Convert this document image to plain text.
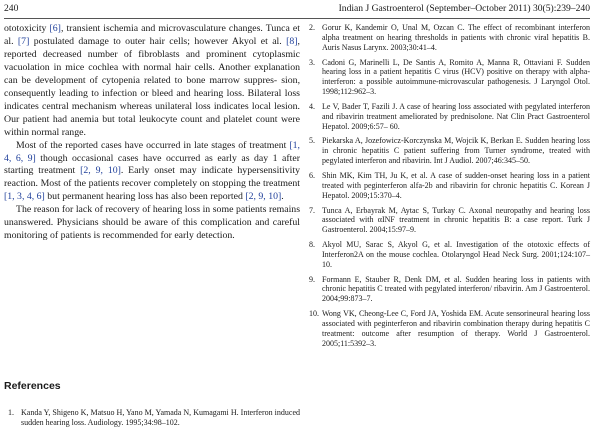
240	Indian J Gastroenterol (September–October 2011) 30(5):239–240

ototoxicity [6], transient ischemia and microvasculature changes. Tunca et al. [7] postulated damage to outer hair cells; however Akyol et al. [8], reported decreased number of fibroblasts and prominent cytoplasmic vacuolation in mice cochlea with normal hair cells. Another explanation can be development of cytopenia related to bone marrow suppres- sion, consequently leading to infection or bleed and hearing loss. Bilateral loss indicates central mechanism whereas unilateral loss indicates local lesion. Our patient had anemia but total leukocyte count and platelet count were within normal range.

Most of the reported cases have occurred in late stages of treatment [1, 4, 6, 9] though occasional cases have occurred as early as day 1 after starting treatment [2, 9, 10]. Early onset may indicate hypersensitivity reaction. Most of the patients recover completely on stopping the treatment [1, 3, 4, 6] but permanent hearing loss has also been reported [2, 9, 10].

The reason for lack of recovery of hearing loss in some patients remains unanswered. Physicians should be aware of this complication and careful monitoring of patients is recommended for early detection.

References
1. Kanda Y, Shigeno K, Matsuo H, Yano M, Yamada N, Kumagami H. Interferon induced sudden hearing loss. Audiology. 1995;34:98–102.
2. Gorur K, Kandemir O, Unal M, Ozcan C. The effect of recombinant interferon alpha treatment on hearing thresholds in patients with chronic viral hepatitis B. Auris Nasus Larynx. 2003;30:41–4.
3. Cadoni G, Marinelli L, De Santis A, Romito A, Manna R, Ottaviani F. Sudden hearing loss in a patient hepatitis C virus (HCV) positive on therapy with alpha-interferon: a possible autoimmune-microvascular pathogenesis. J Laryngol Otol. 1998;112:962–3.
4. Le V, Bader T, Fazili J. A case of hearing loss associated with pegylated interferon and ribavirin treatment ameliorated by prednisolone. Nat Clin Pract Gastroenterol Hepatol. 2009;6:57– 60.
5. Piekarska A, Jozefowicz-Korczynska M, Wojcik K, Berkan E. Sudden hearing loss in chronic hepatitis C patient suffering from Turner syndrome, treated with pegylated interferon and ribavirin. Int J Audiol. 2007;46:345–50.
6. Shin MK, Kim TH, Ju K, et al. A case of sudden-onset hearing loss in a patient treated with peginterferon alfa-2b and ribavirin for chronic hepatitis C. Korean J Hepatol. 2009;15:370–4.
7. Tunca A, Erbayrak M, Aytac S, Turkay C. Axonal neuropathy and hearing loss associated with αINF treatment in chronic hepatitis B: a case report. Turk J Gastroenterol. 2004;15:97–9.
8. Akyol MU, Sarac S, Akyol G, et al. Investigation of the ototoxic effects of Interferon2A on the mouse cochlea. Otolaryngol Head Neck Surg. 2001;124:107–10.
9. Formann E, Stauber R, Denk DM, et al. Sudden hearing loss in patients with chronic hepatitis C treated with pegylated interferon/ ribavirin. Am J Gastroenterol. 2004;99:873–7.
10. Wong VK, Cheong-Lee C, Ford JA, Yoshida EM. Acute sensorineural hearing loss associated with peginterferon and ribavirin combination therapy during hepatitis C treatment: outcome after resumption of therapy. World J Gastroenterol. 2005;11:5392–3.
